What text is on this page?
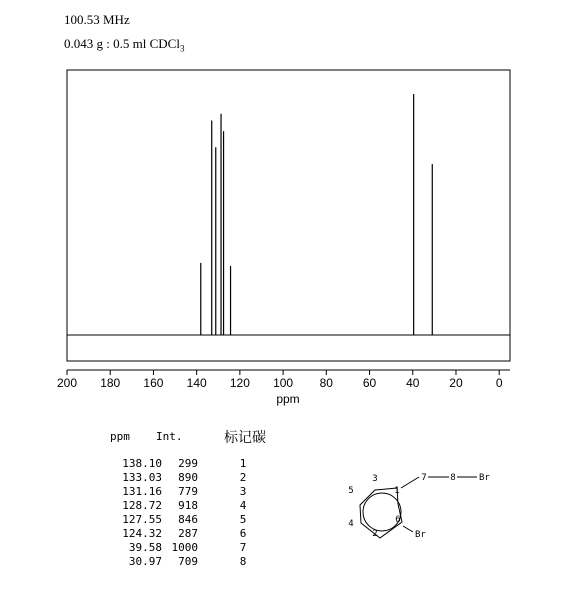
100.53 MHz
0.043 g : 0.5 ml CDCl$_3$
200 180 160 140 120 100 80 60 40 20	0
ppm
ppm Int.	标记碳
138.10	299	1
133.03	890	2
131.16	779	3
128.72	918	4
127.55	846	5
124.32	287	6
39.58 1000	7
30.97	709	8
1
2
3
4
5
6
7	8	Br
Br
